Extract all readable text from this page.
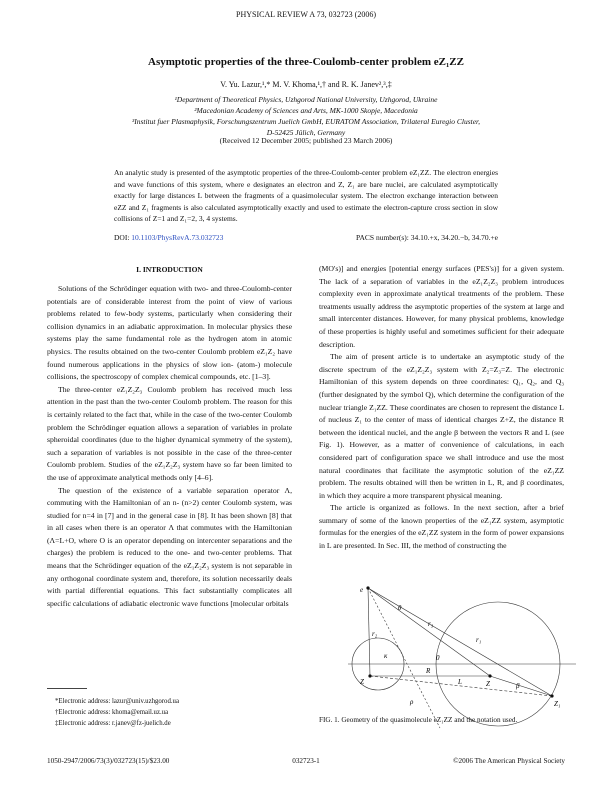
PHYSICAL REVIEW A 73, 032723 (2006)
Asymptotic properties of the three-Coulomb-center problem eZ₁ZZ
V. Yu. Lazur,¹,* M. V. Khoma,¹,† and R. K. Janev²,³,‡
¹Department of Theoretical Physics, Uzhgorod National University, Uzhgorod, Ukraine
²Macedonian Academy of Sciences and Arts, MK-1000 Skopje, Macedonia
³Institut fuer Plasmaphysik, Forschungszentrum Juelich GmbH, EURATOM Association, Trilateral Euregio Cluster,
D-52425 Jülich, Germany
(Received 12 December 2005; published 23 March 2006)
An analytic study is presented of the asymptotic properties of the three-Coulomb-center problem eZ₁ZZ. The electron energies and wave functions of this system, where e designates an electron and Z, Z₁ are bare nuclei, are calculated asymptotically exactly for large distances L between the fragments of a quasimolecular system. The electron exchange interaction between eZZ and Z₁ fragments is also calculated asymptotically exactly and used to estimate the electron-capture cross section in slow collisions of Z=1 and Z₁=2, 3, 4 systems.
DOI: 10.1103/PhysRevA.73.032723	PACS number(s): 34.10.+x, 34.20.−b, 34.70.+e
I. INTRODUCTION

Solutions of the Schrödinger equation with two- and three-Coulomb-center potentials are of considerable interest from the point of view of various problems related to few-body systems, particularly when considering their collision dynamics in an adiabatic approximation. In molecular physics these systems play the same fundamental role as the hydrogen atom in atomic physics. The results obtained on the two-center Coulomb problem eZ₁Z₂ have found numerous applications in the physics of slow ion- (atom-) molecule collisions, the spectroscopy of complex chemical compounds, etc. [1–3].

The three-center eZ₁Z₂Z₃ Coulomb problem has received much less attention in the past than the two-center Coulomb problem. The reason for this is certainly related to the fact that, while in the case of the two-center Coulomb problem the Schrödinger equation allows a separation of variables in prolate spheroidal coordinates (due to the higher dynamical symmetry of the system), such a separation of variables is not possible in the case of the three-center Coulomb problem. Studies of the eZ₁Z₂Z₃ system have so far been limited to the use of approximate analytical methods only [4–6].

The question of the existence of a variable separation operator Λ, commuting with the Hamiltonian of an n- (n>2) center Coulomb system, was studied for n=4 in [7] and in the general case in [8]. It has been shown [8] that in all cases when there is an operator Λ that commutes with the Hamiltonian (Λ=L+O, where O is an operator depending on intercenter separations and the charges) the problem is reduced to the one- and two-center problems. That means that the Schrödinger equation of the eZ₁Z₂Z₃ system is not separable in any orthogonal coordinate system and, therefore, its solution necessarily deals with partial differential equations. This fact substantially complicates all specific calculations of adiabatic electronic wave functions [molecular orbitals

(MO's)] and energies [potential energy surfaces (PES's)] for a given system. The lack of a separation of variables in the eZ₁Z₂Z₃ problem introduces complexity even in approximate analytical treatments of the problem. These treatments usually address the asymptotic properties of the system at large and small intercenter distances. However, for many physical problems, knowledge of these properties is highly useful and sometimes sufficient for their adequate description.

The aim of present article is to undertake an asymptotic study of the discrete spectrum of the eZ₁Z₂Z₃ system with Z₂=Z₃=Z. The electronic Hamiltonian of this system depends on three coordinates: Q₁, Q₂, and Q₃ (further designated by the symbol Q), which determine the configuration of the nuclear triangle Z₁ZZ. These coordinates are chosen to represent the distance L of nucleus Z₁ to the center of mass of identical charges Z+Z, the distance R between the identical nuclei, and the angle β between the vectors R and L (see Fig. 1). However, as a matter of convenience of calculations, in each considered part of configuration space we shall introduce and use the most natural coordinates that facilitate the asymptotic solution of the eZ₁ZZ problem. The results obtained will then be written in L, R, and β coordinates, in which they acquire a more transparent physical meaning.

The article is organized as follows. In the next section, after a brief summary of some of the known properties of the eZ₁ZZ system, asymptotic formulas for the energies of the eZ₁ZZ system in the form of power expansions in L are presented. In Sec. III, the method of constructing the

*Electronic address: lazur@univ.uzhgorod.ua
†Electronic address: khoma@email.uz.ua
‡Electronic address: r.janev@fz-juelich.de
e
Z	Z
Z₁
L
R
r₁
r₂
r₃
β
ρ
0
κ
θ
FIG. 1. Geometry of the quasimolecule eZ₁ZZ and the notation used.
1050-2947/2006/73(3)/032723(15)/$23.00	032723-1	©2006 The American Physical Society
